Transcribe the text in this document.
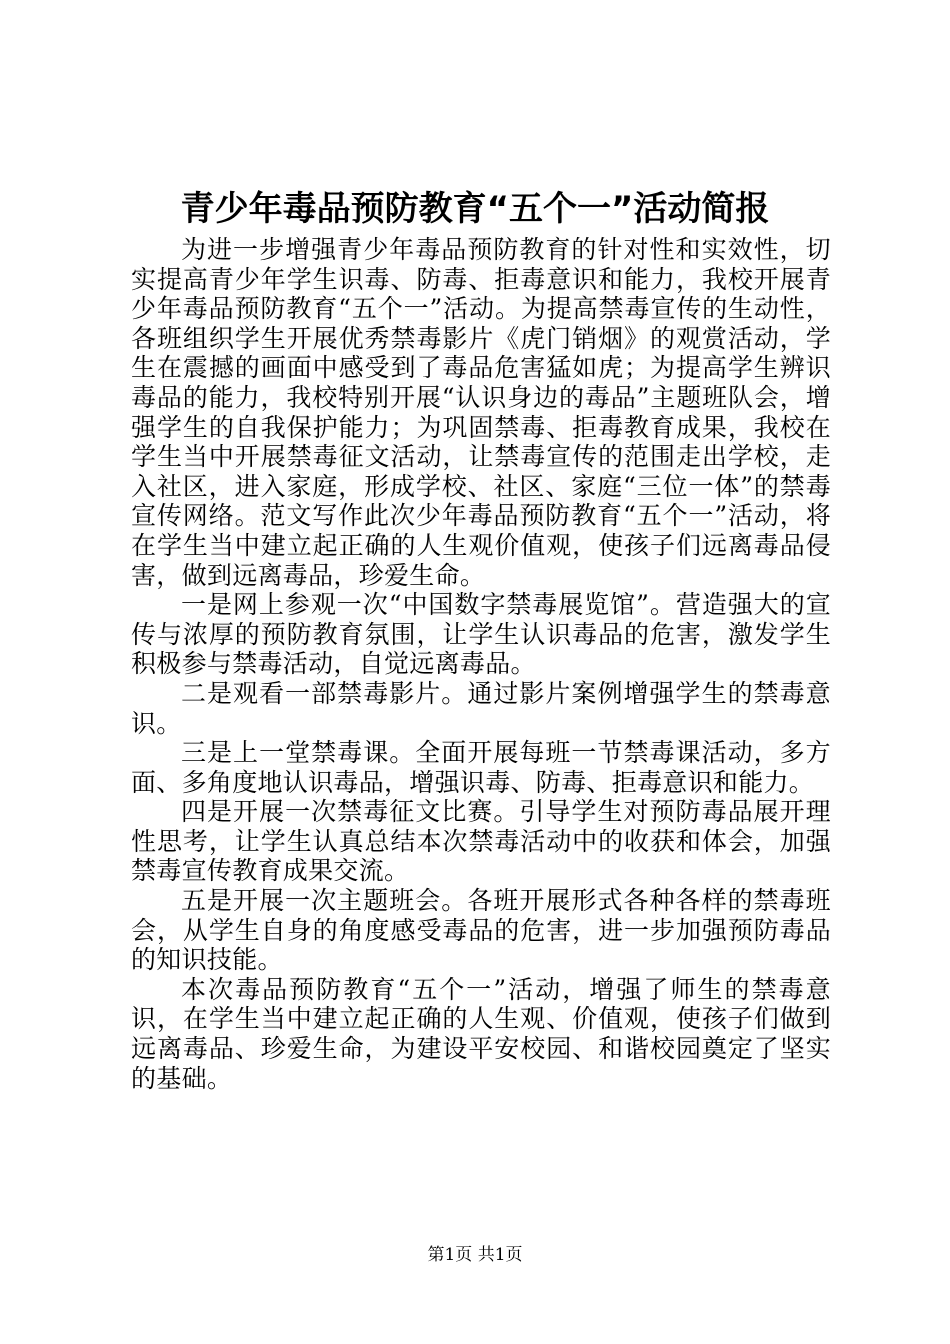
青少年毒品预防教育“五个一”活动简报

为进一步增强青少年毒品预防教育的针对性和实效性，切实提高青少年学生识毒、防毒、拒毒意识和能力，我校开展青少年毒品预防教育“五个一”活动。为提高禁毒宣传的生动性，各班组织学生开展优秀禁毒影片《虎门销烟》的观赏活动，学生在震撼的画面中感受到了毒品危害猛如虎；为提高学生辨识毒品的能力，我校特别开展“认识身边的毒品”主题班队会，增强学生的自我保护能力；为巩固禁毒、拒毒教育成果，我校在学生当中开展禁毒征文活动，让禁毒宣传的范围走出学校，走入社区，进入家庭，形成学校、社区、家庭“三位一体”的禁毒宣传网络。范文写作此次少年毒品预防教育“五个一”活动，将在学生当中建立起正确的人生观价值观，使孩子们远离毒品侵害，做到远离毒品，珍爱生命。

一是网上参观一次“中国数字禁毒展览馆”。营造强大的宣传与浓厚的预防教育氛围，让学生认识毒品的危害，激发学生积极参与禁毒活动，自觉远离毒品。

二是观看一部禁毒影片。通过影片案例增强学生的禁毒意识。

三是上一堂禁毒课。全面开展每班一节禁毒课活动，多方面、多角度地认识毒品，增强识毒、防毒、拒毒意识和能力。

四是开展一次禁毒征文比赛。引导学生对预防毒品展开理性思考，让学生认真总结本次禁毒活动中的收获和体会，加强禁毒宣传教育成果交流。

五是开展一次主题班会。各班开展形式各种各样的禁毒班会，从学生自身的角度感受毒品的危害，进一步加强预防毒品的知识技能。

本次毒品预防教育“五个一”活动，增强了师生的禁毒意识，在学生当中建立起正确的人生观、价值观，使孩子们做到远离毒品、珍爱生命，为建设平安校园、和谐校园奠定了坚实的基础。

第1页 共1页
